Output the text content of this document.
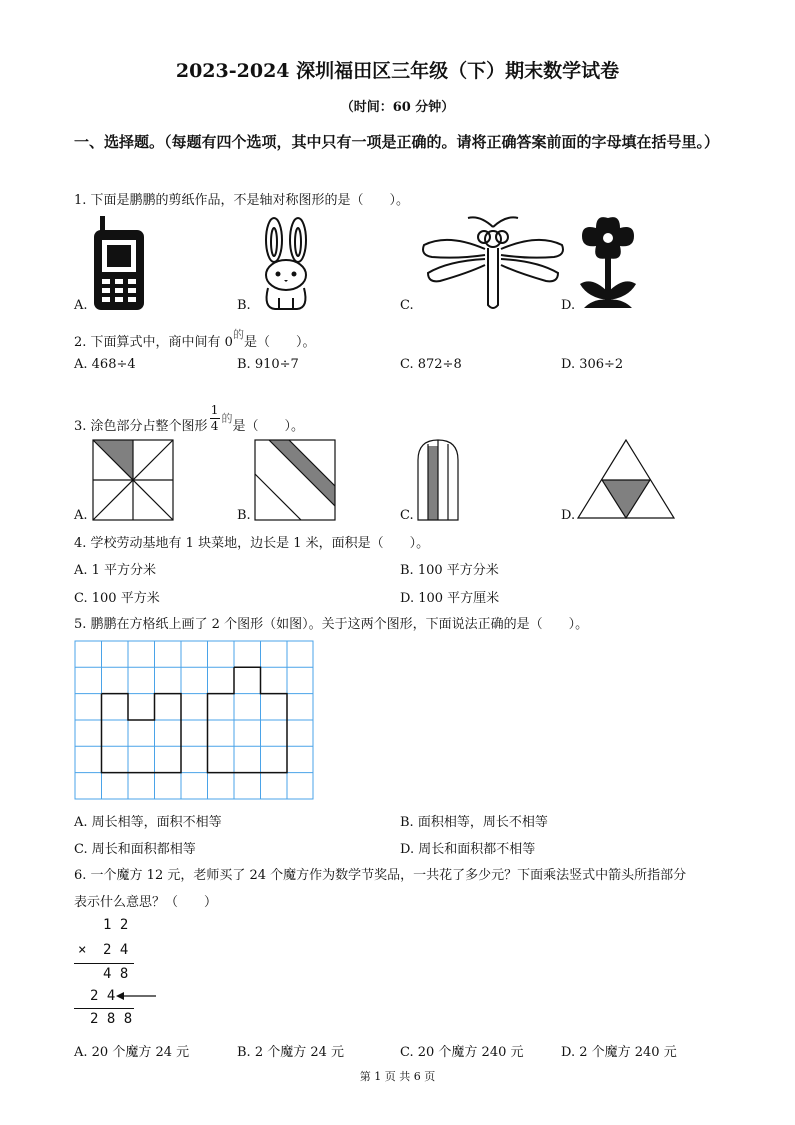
2023-2024 深圳福田区三年级（下）期末数学试卷
（时间：60 分钟）
一、选择题。（每题有四个选项，其中只有一项是正确的。请将正确答案前面的字母填在括号里。）
1. 下面是鹏鹏的剪纸作品，不是轴对称图形的是（　　）。
A.	B.	C.	D.
2. 下面算式中，商中间有 $0^的$是（　　）。
A. 468÷4	B. 910÷7	C. 872÷8	D. 306÷2
3. 涂色部分占整个图形 $\frac{1}{4} ^的$是（　　）。
A.	B.	C.	D.
4. 学校劳动基地有 1 块菜地，边长是 1 米，面积是（　　）。
A. 1 平方分米	B. 100 平方分米
C. 100 平方米	D. 100 平方厘米
5. 鹏鹏在方格纸上画了 2 个图形（如图）。关于这两个图形，下面说法正确的是（　　）。
A. 周长相等，面积不相等	B. 面积相等，周长不相等
C. 周长和面积都相等	D. 周长和面积都不相等
6. 一个魔方 12 元，老师买了 24 个魔方作为数学节奖品，一共花了多少元？下面乘法竖式中箭头所指部分
表示什么意思？（　　）
1 2
× 2 4
4 8
2 4
2 8 8
A. 20 个魔方 24 元	B. 2 个魔方 24 元	C. 20 个魔方 240 元	D. 2 个魔方 240 元
第 1 页 共 6 页
